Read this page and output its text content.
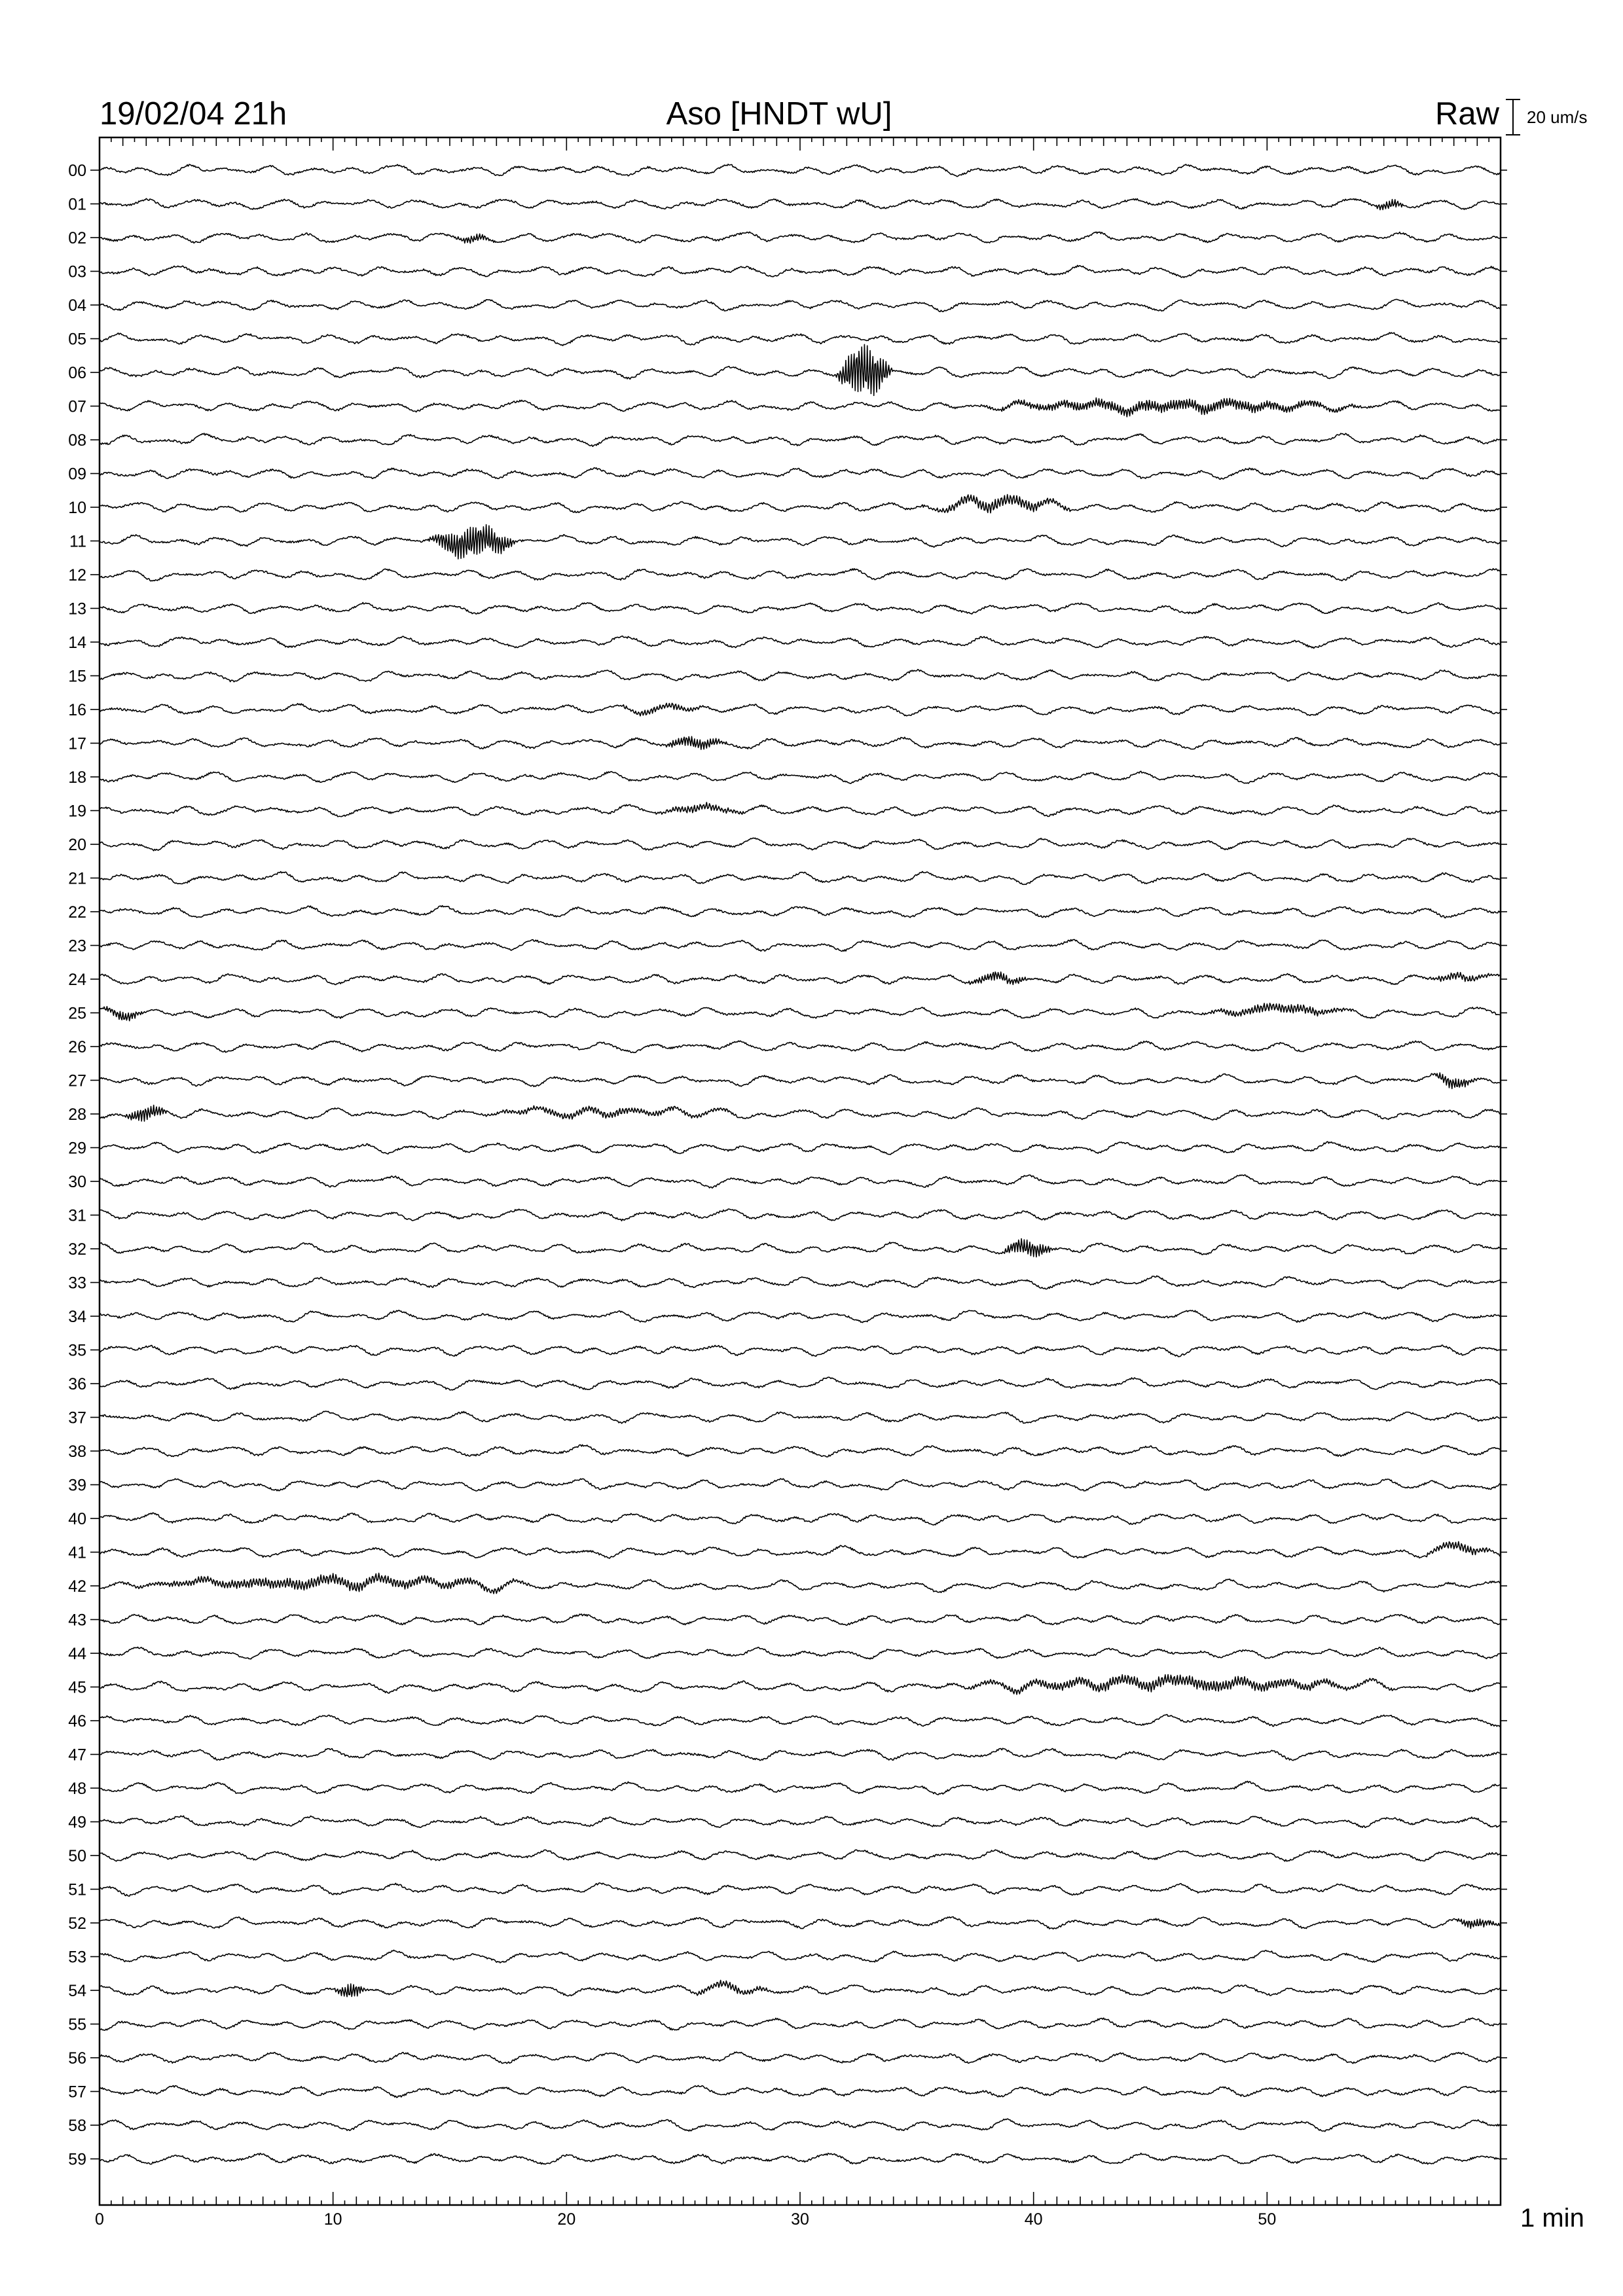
19/02/04 21h	Aso [HNDT wU]	Raw 20 um/s
00
01
02
03
04
05
06
07
08
09
10
11
12
13
14
15
16
17
18
19
20
21
22
23
24
25
26
27
28
29
30
31
32
33
34
35
36
37
38
39
40
41
42
43
44
45
46
47
48
49
50
51
52
53
54
55
56
57
58
59
0	10	20	30	40	50	1 min
